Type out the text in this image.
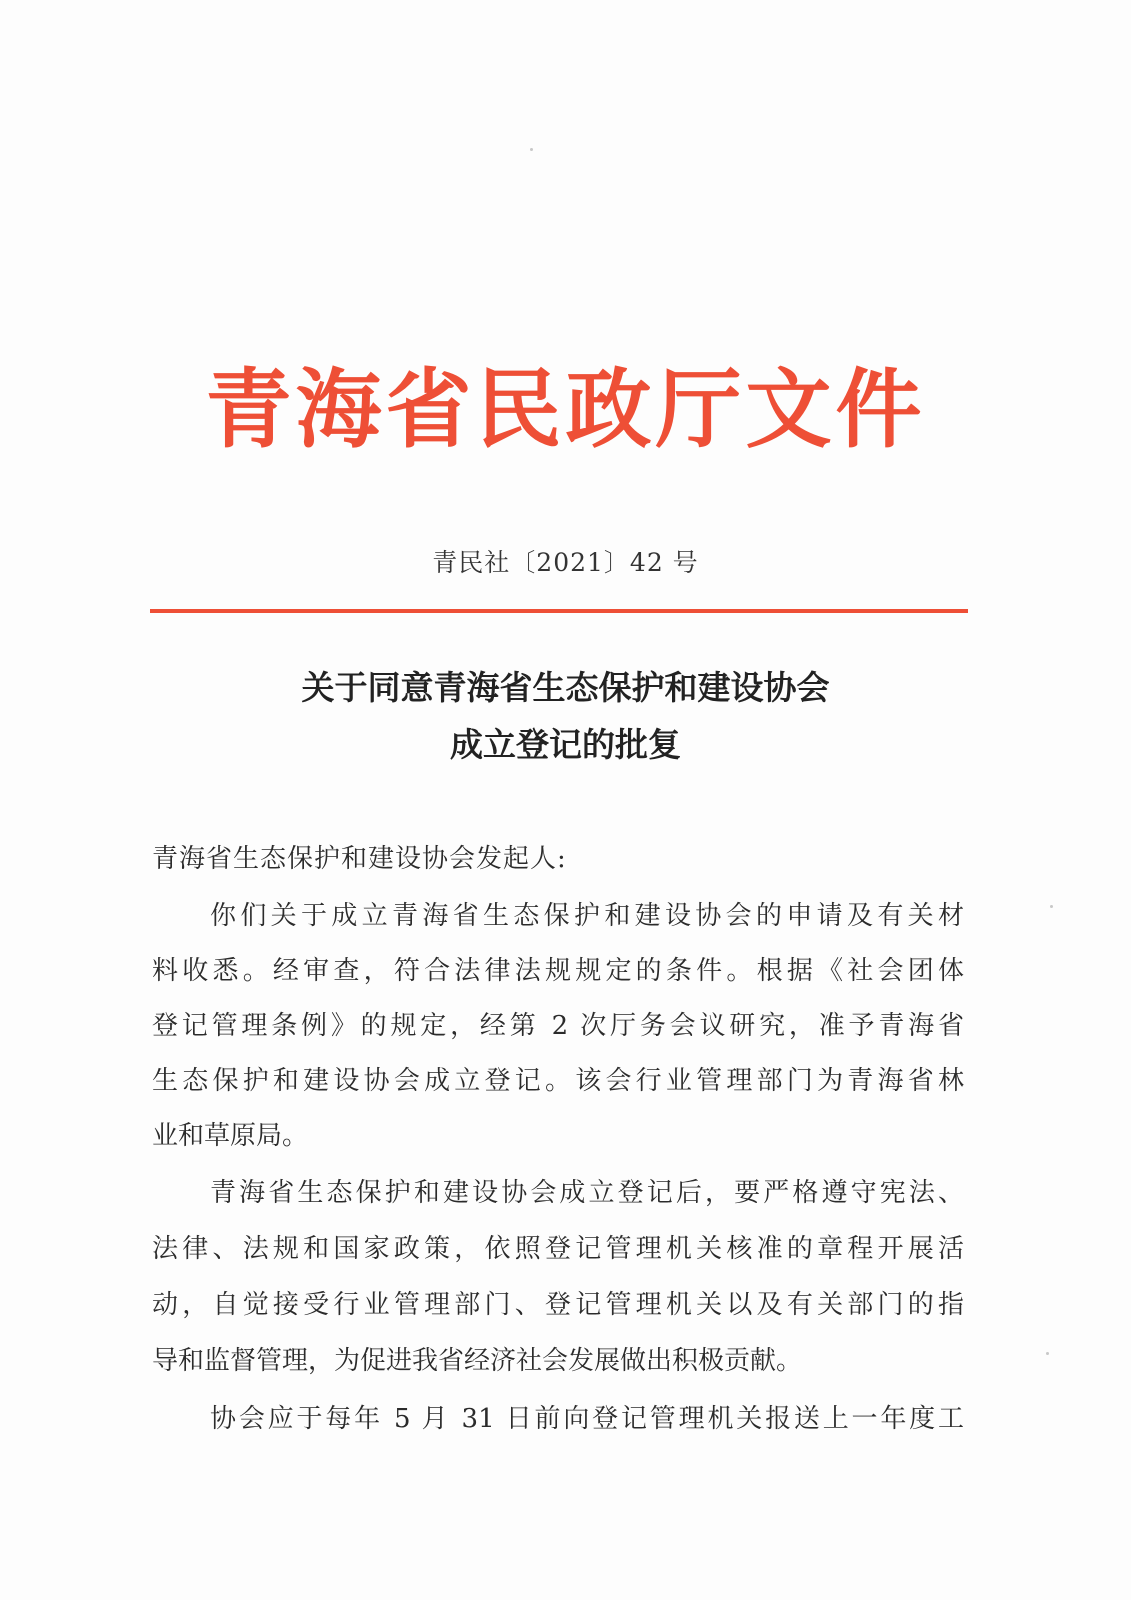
青海省民政厅文件
青民社〔2021〕42 号
关于同意青海省生态保护和建设协会
成立登记的批复
青海省生态保护和建设协会发起人:
你们关于成立青海省生态保护和建设协会的申请及有关材
料收悉。经审查，符合法律法规规定的条件。根据《社会团体
登记管理条例》的规定，经第 2 次厅务会议研究，准予青海省
生态保护和建设协会成立登记。该会行业管理部门为青海省林
业和草原局。
青海省生态保护和建设协会成立登记后，要严格遵守宪法、
法律、法规和国家政策，依照登记管理机关核准的章程开展活
动，自觉接受行业管理部门、登记管理机关以及有关部门的指
导和监督管理，为促进我省经济社会发展做出积极贡献。
协会应于每年 5 月 31 日前向登记管理机关报送上一年度工
